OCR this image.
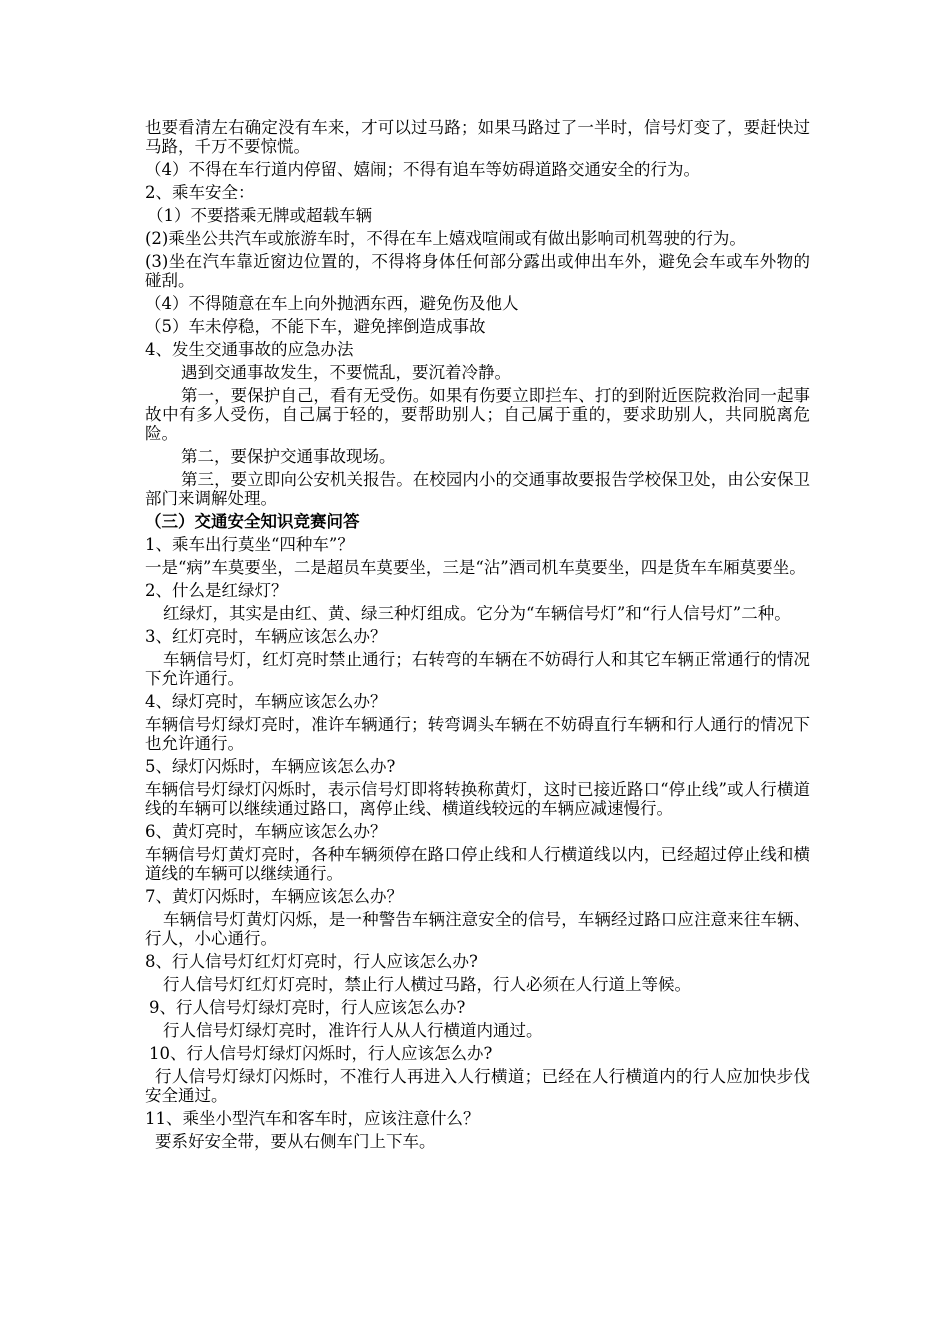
也要看清左右确定没有车来，才可以过马路；如果马路过了一半时，信号灯变了，要赶快过马路，千万不要惊慌。

（4）不得在车行道内停留、嬉闹；不得有追车等妨碍道路交通安全的行为。

2、乘车安全：

（1）不要搭乘无牌或超载车辆

(2)乘坐公共汽车或旅游车时，不得在车上嬉戏喧闹或有做出影响司机驾驶的行为。

(3)坐在汽车靠近窗边位置的，不得将身体任何部分露出或伸出车外，避免会车或车外物的碰刮。

（4）不得随意在车上向外抛洒东西，避免伤及他人

（5）车未停稳，不能下车，避免摔倒造成事故

4、发生交通事故的应急办法

遇到交通事故发生，不要慌乱，要沉着冷静。

第一，要保护自己，看有无受伤。如果有伤要立即拦车、打的到附近医院救治同一起事故中有多人受伤，自己属于轻的，要帮助别人；自己属于重的，要求助别人，共同脱离危险。

第二，要保护交通事故现场。

第三，要立即向公安机关报告。在校园内小的交通事故要报告学校保卫处，由公安保卫部门来调解处理。

（三）交通安全知识竞赛问答

1、乘车出行莫坐“四种车”？

一是“病”车莫要坐，二是超员车莫要坐，三是“沾”酒司机车莫要坐，四是货车车厢莫要坐。

2、什么是红绿灯？

红绿灯，其实是由红、黄、绿三种灯组成。它分为“车辆信号灯”和“行人信号灯”二种。

3、红灯亮时，车辆应该怎么办？

车辆信号灯，红灯亮时禁止通行；右转弯的车辆在不妨碍行人和其它车辆正常通行的情况下允许通行。

4、绿灯亮时，车辆应该怎么办？

车辆信号灯绿灯亮时，准许车辆通行；转弯调头车辆在不妨碍直行车辆和行人通行的情况下也允许通行。

5、绿灯闪烁时，车辆应该怎么办?

车辆信号灯绿灯闪烁时，表示信号灯即将转换称黄灯，这时已接近路口“停止线”或人行横道线的车辆可以继续通过路口，离停止线、横道线较远的车辆应减速慢行。

6、黄灯亮时，车辆应该怎么办？

车辆信号灯黄灯亮时，各种车辆须停在路口停止线和人行横道线以内，已经超过停止线和横道线的车辆可以继续通行。

7、黄灯闪烁时，车辆应该怎么办？

车辆信号灯黄灯闪烁，是一种警告车辆注意安全的信号，车辆经过路口应注意来往车辆、行人，小心通行。

8、行人信号灯红灯灯亮时，行人应该怎么办?

行人信号灯红灯灯亮时，禁止行人横过马路，行人必须在人行道上等候。

9、行人信号灯绿灯亮时，行人应该怎么办?

行人信号灯绿灯亮时，准许行人从人行横道内通过。

10、行人信号灯绿灯闪烁时，行人应该怎么办?

行人信号灯绿灯闪烁时，不准行人再进入人行横道；已经在人行横道内的行人应加快步伐安全通过。

11、乘坐小型汽车和客车时，应该注意什么？

要系好安全带，要从右侧车门上下车。
